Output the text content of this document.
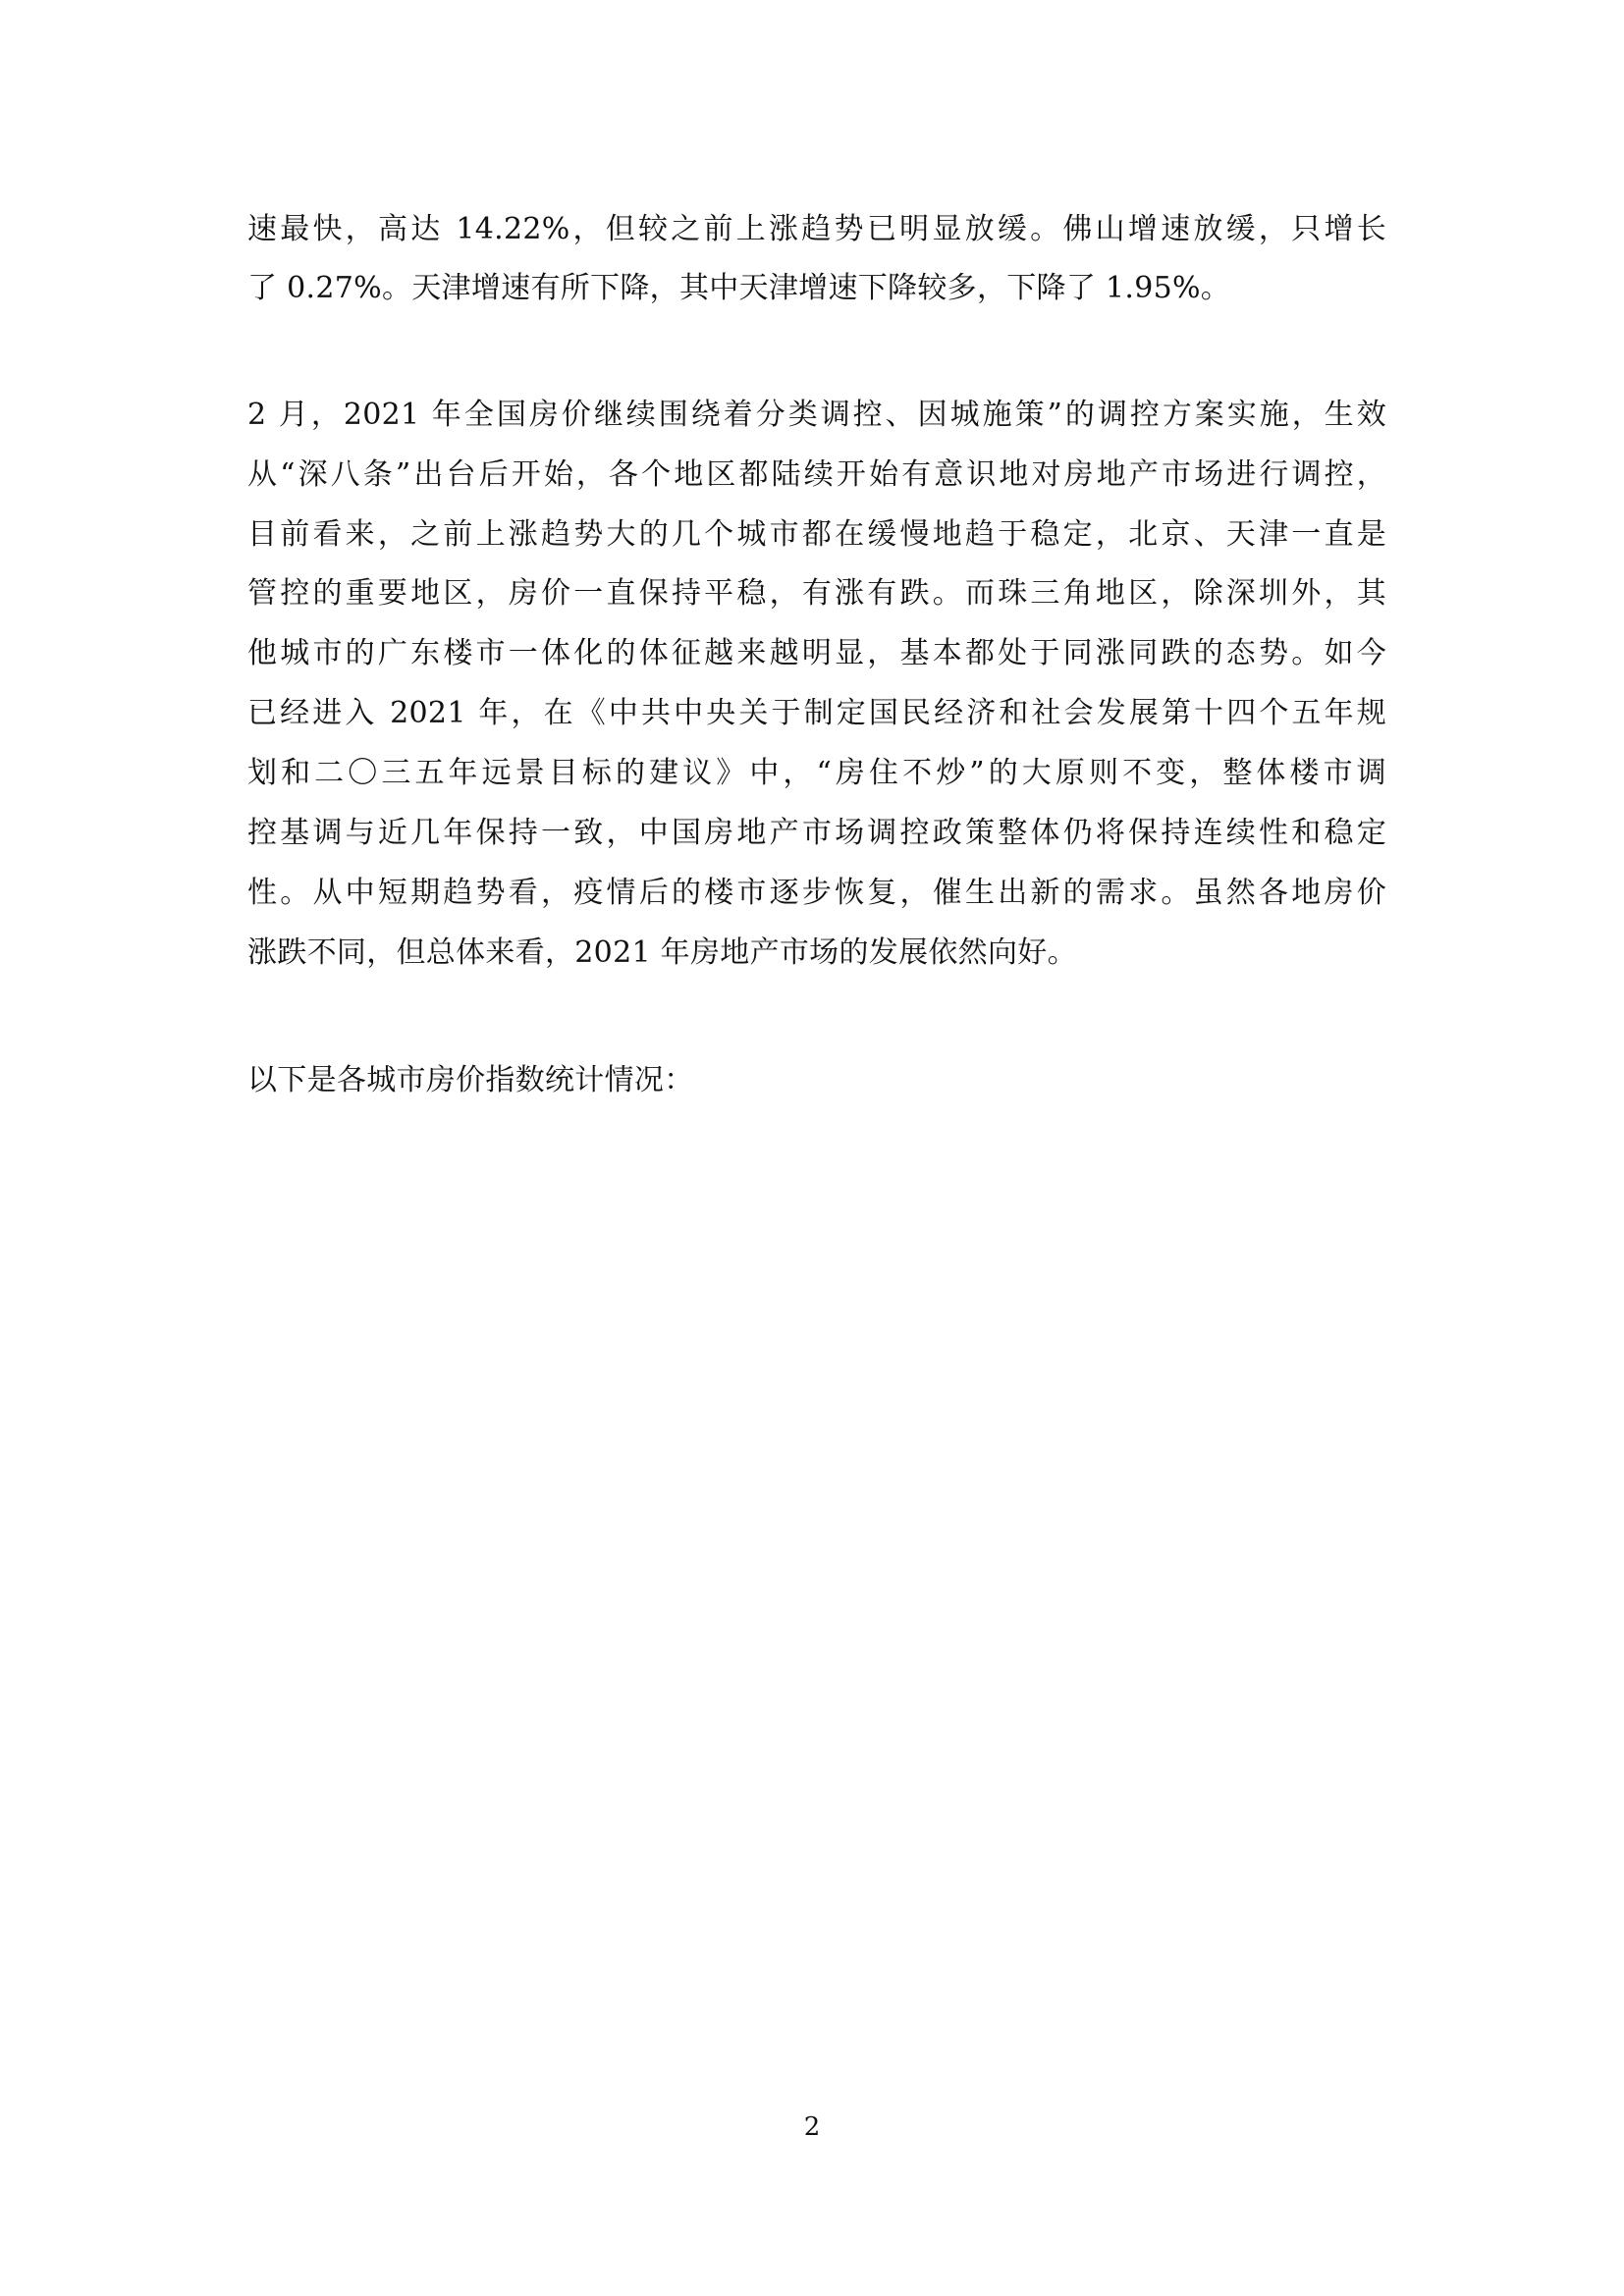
速最快，高达 14.22%，但较之前上涨趋势已明显放缓。佛山增速放缓，只增长
了 0.27%。天津增速有所下降，其中天津增速下降较多，下降了 1.95%。
2 月，2021 年全国房价继续围绕着分类调控、因城施策”的调控方案实施，生效
从“深八条”出台后开始，各个地区都陆续开始有意识地对房地产市场进行调控，
目前看来，之前上涨趋势大的几个城市都在缓慢地趋于稳定，北京、天津一直是
管控的重要地区，房价一直保持平稳，有涨有跌。而珠三角地区，除深圳外，其
他城市的广东楼市一体化的体征越来越明显，基本都处于同涨同跌的态势。如今
已经进入 2021 年，在《中共中央关于制定国民经济和社会发展第十四个五年规
划和二〇三五年远景目标的建议》中，“房住不炒”的大原则不变，整体楼市调
控基调与近几年保持一致，中国房地产市场调控政策整体仍将保持连续性和稳定
性。从中短期趋势看，疫情后的楼市逐步恢复，催生出新的需求。虽然各地房价
涨跌不同，但总体来看，2021 年房地产市场的发展依然向好。
以下是各城市房价指数统计情况：
2
